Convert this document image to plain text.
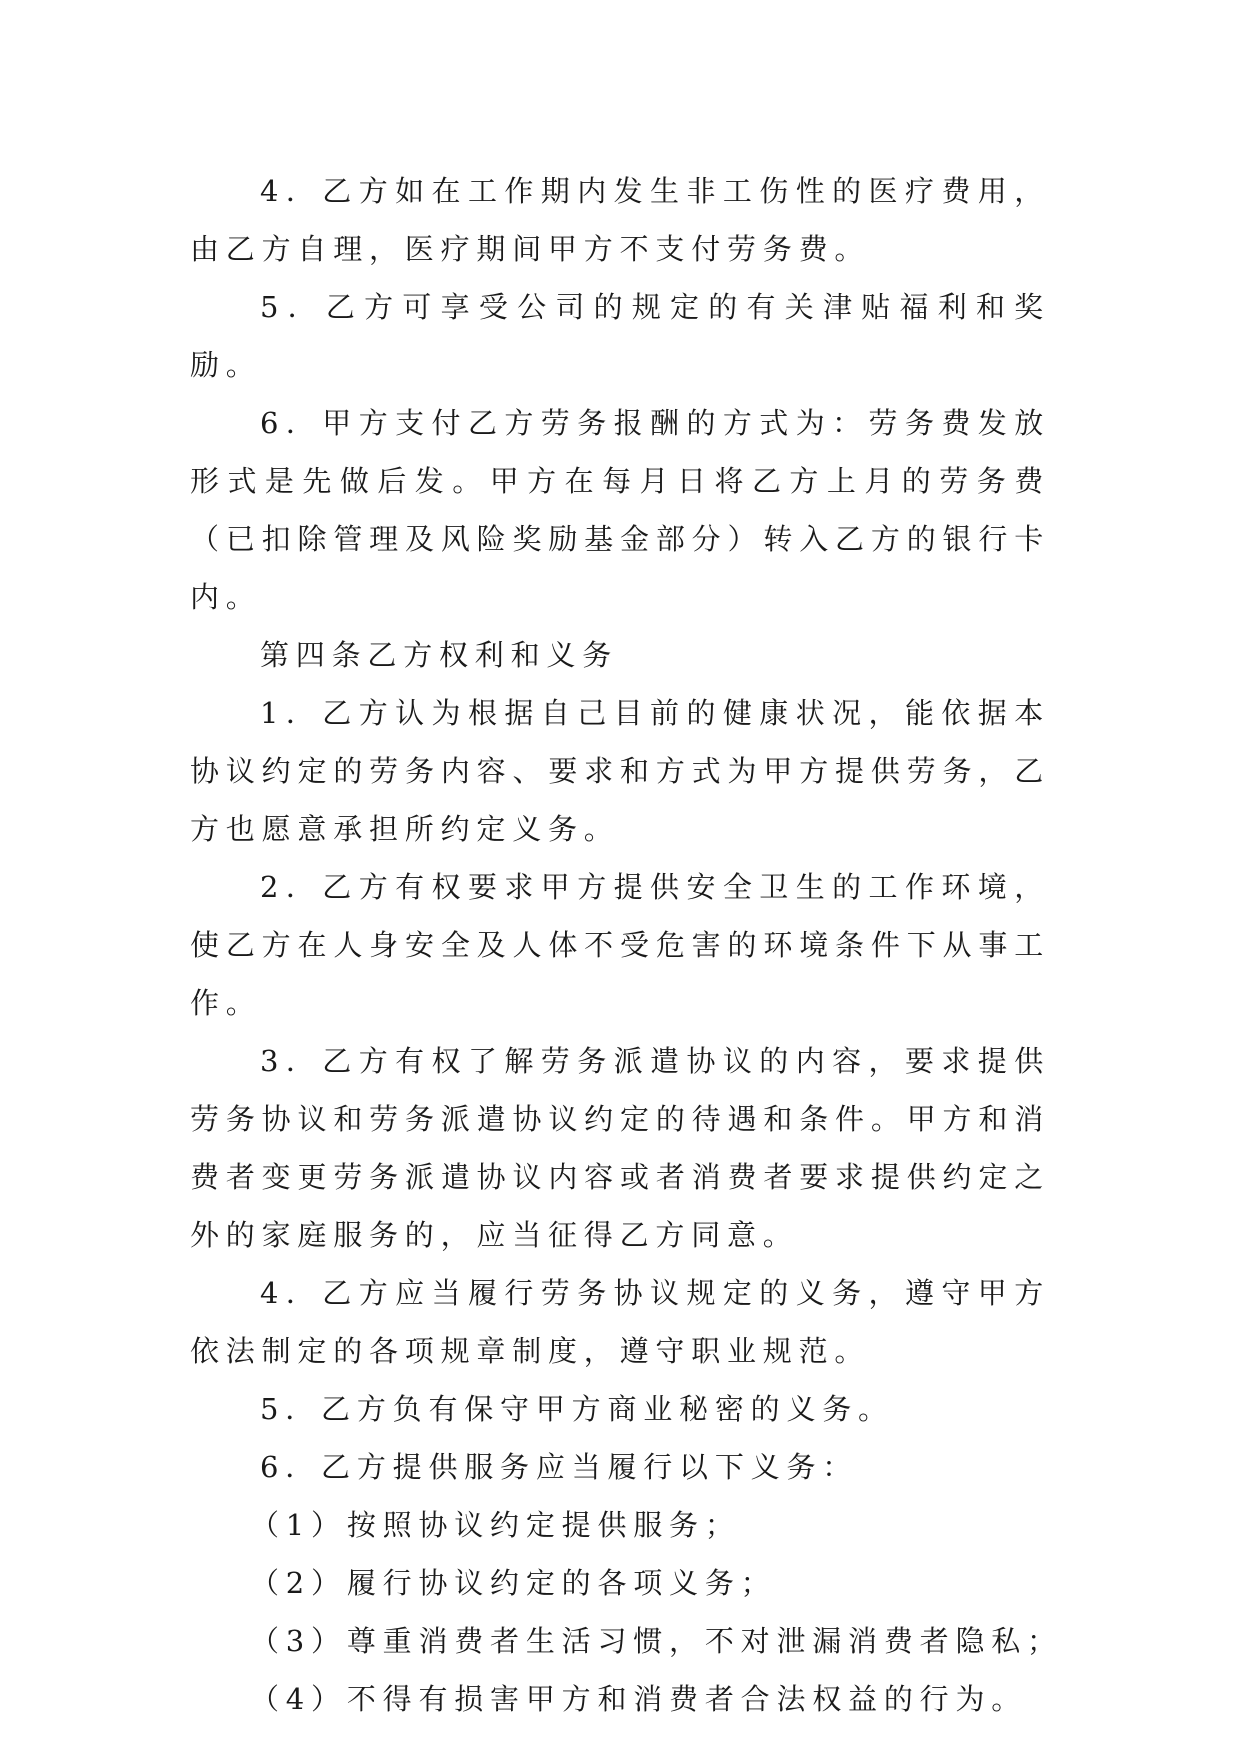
4．乙方如在工作期内发生非工伤性的医疗费用，由乙方自理，医疗期间甲方不支付劳务费。

5．乙方可享受公司的规定的有关津贴福利和奖励。

6．甲方支付乙方劳务报酬的方式为：劳务费发放形式是先做后发。甲方在每月日将乙方上月的劳务费（已扣除管理及风险奖励基金部分）转入乙方的银行卡内。

第四条乙方权利和义务

1．乙方认为根据自己目前的健康状况，能依据本协议约定的劳务内容、要求和方式为甲方提供劳务，乙方也愿意承担所约定义务。

2．乙方有权要求甲方提供安全卫生的工作环境，使乙方在人身安全及人体不受危害的环境条件下从事工作。

3．乙方有权了解劳务派遣协议的内容，要求提供劳务协议和劳务派遣协议约定的待遇和条件。甲方和消费者变更劳务派遣协议内容或者消费者要求提供约定之外的家庭服务的，应当征得乙方同意。

4．乙方应当履行劳务协议规定的义务，遵守甲方依法制定的各项规章制度，遵守职业规范。

5．乙方负有保守甲方商业秘密的义务。

6．乙方提供服务应当履行以下义务：

（1）按照协议约定提供服务；

（2）履行协议约定的各项义务；

（3）尊重消费者生活习惯，不对泄漏消费者隐私；

（4）不得有损害甲方和消费者合法权益的行为。
